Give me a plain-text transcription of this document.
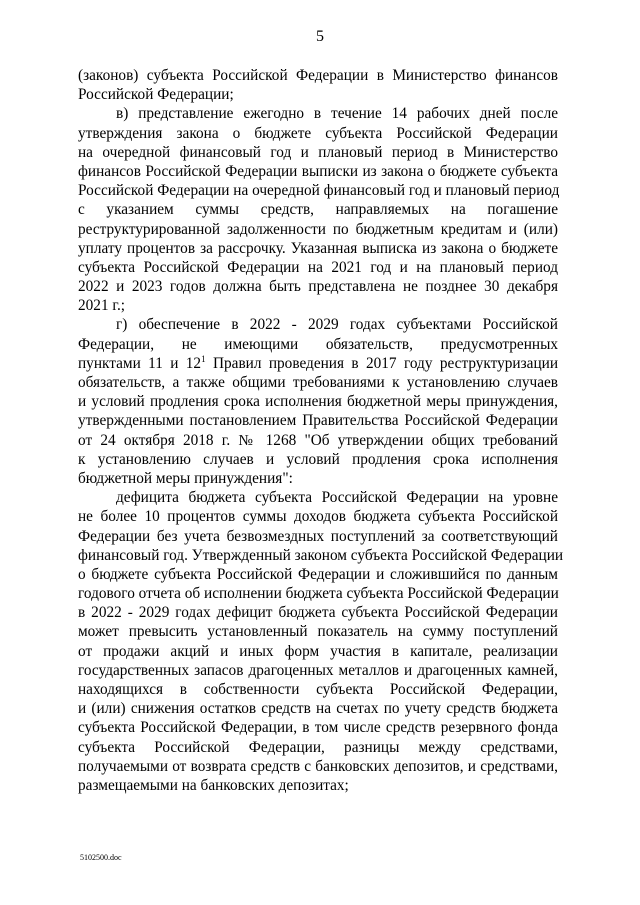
5
(законов) субъекта Российской Федерации в Министерство финансов
Российской Федерации;
в) представление ежегодно в течение 14 рабочих дней после
утверждения закона о бюджете субъекта Российской Федерации
на очередной финансовый год и плановый период в Министерство
финансов Российской Федерации выписки из закона о бюджете субъекта
Российской Федерации на очередной финансовый год и плановый период
с указанием суммы средств, направляемых на погашение
реструктурированной задолженности по бюджетным кредитам и (или)
уплату процентов за рассрочку. Указанная выписка из закона о бюджете
субъекта Российской Федерации на 2021 год и на плановый период
2022 и 2023 годов должна быть представлена не позднее 30 декабря
2021 г.;
г) обеспечение в 2022 - 2029 годах субъектами Российской
Федерации, не имеющими обязательств, предусмотренных
пунктами 11 и $12^1$ Правил проведения в 2017 году реструктуризации
обязательств, а также общими требованиями к установлению случаев
и условий продления срока исполнения бюджетной меры принуждения,
утвержденными постановлением Правительства Российской Федерации
от 24 октября 2018 г. № 1268 "Об утверждении общих требований
к установлению случаев и условий продления срока исполнения
бюджетной меры принуждения":
дефицита бюджета субъекта Российской Федерации на уровне
не более 10 процентов суммы доходов бюджета субъекта Российской
Федерации без учета безвозмездных поступлений за соответствующий
финансовый год. Утвержденный законом субъекта Российской Федерации
о бюджете субъекта Российской Федерации и сложившийся по данным
годового отчета об исполнении бюджета субъекта Российской Федерации
в 2022 - 2029 годах дефицит бюджета субъекта Российской Федерации
может превысить установленный показатель на сумму поступлений
от продажи акций и иных форм участия в капитале, реализации
государственных запасов драгоценных металлов и драгоценных камней,
находящихся в собственности субъекта Российской Федерации,
и (или) снижения остатков средств на счетах по учету средств бюджета
субъекта Российской Федерации, в том числе средств резервного фонда
субъекта Российской Федерации, разницы между средствами,
получаемыми от возврата средств с банковских депозитов, и средствами,
размещаемыми на банковских депозитах;
5102500.doc
